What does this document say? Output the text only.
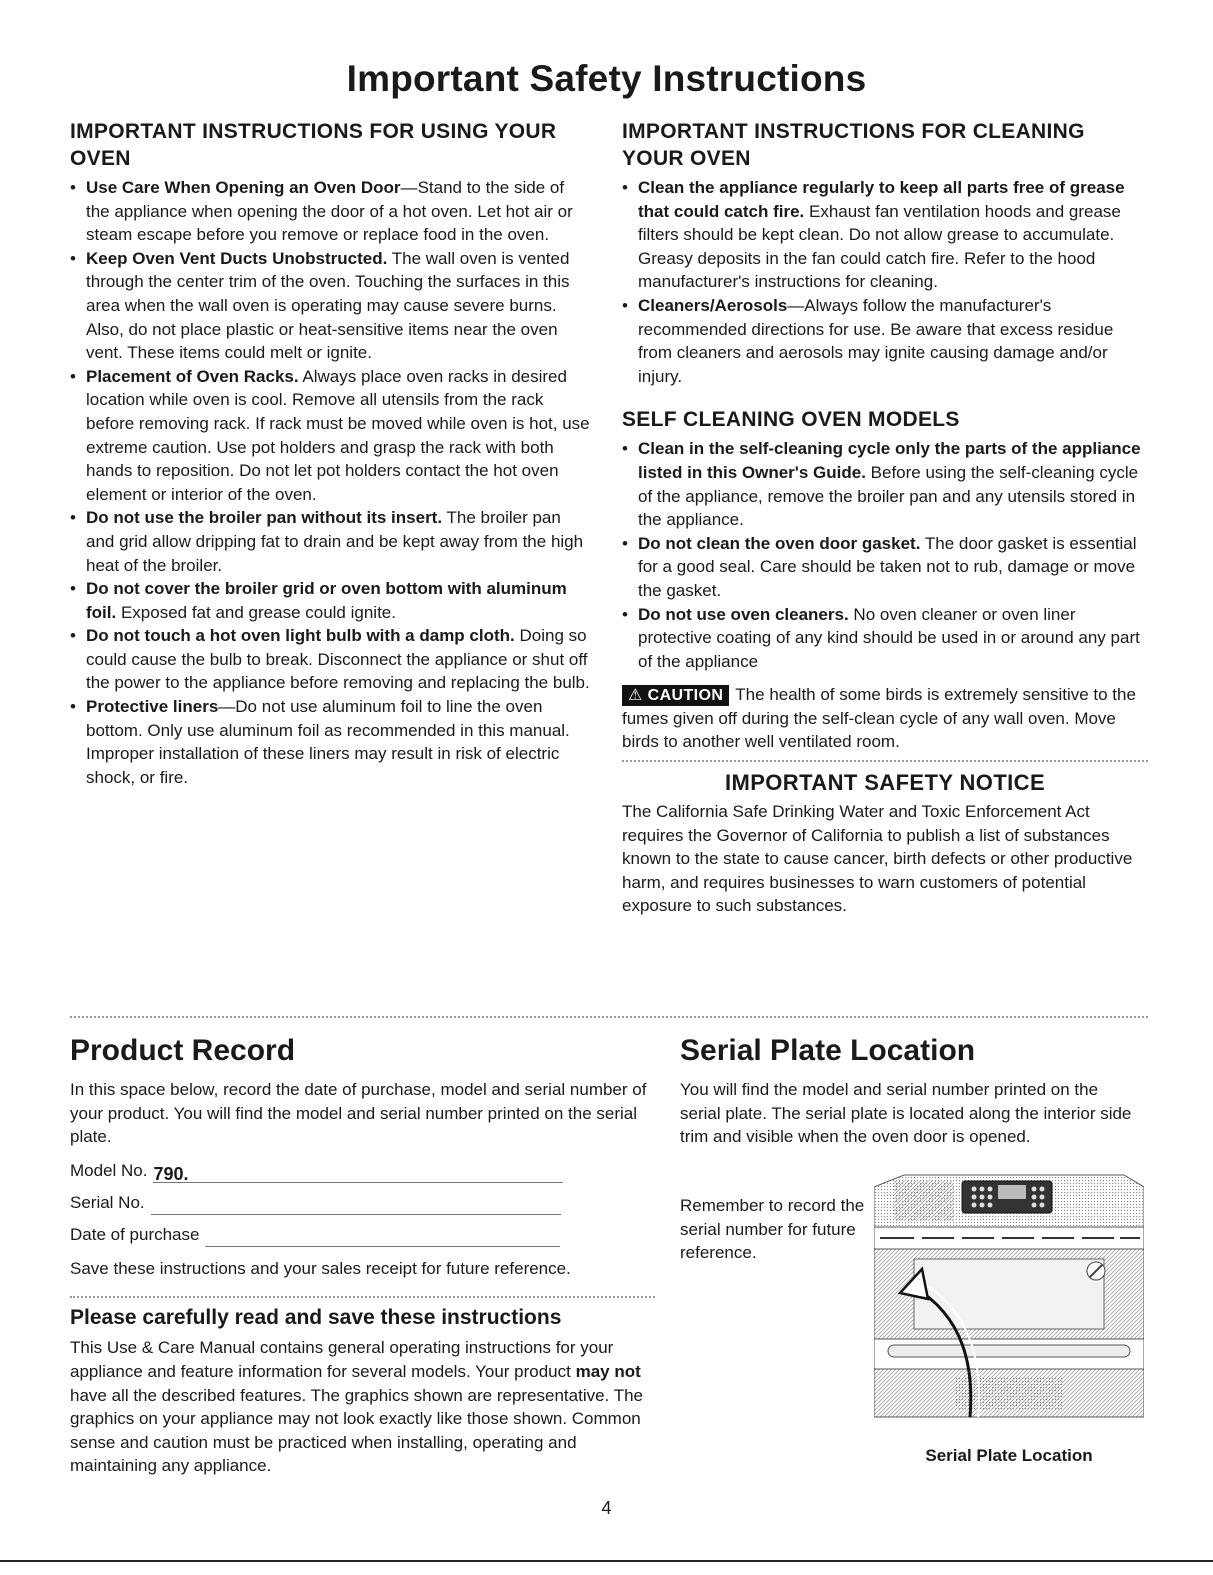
Important Safety Instructions
IMPORTANT INSTRUCTIONS FOR USING YOUR OVEN
• Use Care When Opening an Oven Door—Stand to the side of the appliance when opening the door of a hot oven. Let hot air or steam escape before you remove or replace food in the oven.
• Keep Oven Vent Ducts Unobstructed. The wall oven is vented through the center trim of the oven. Touching the surfaces in this area when the wall oven is operating may cause severe burns. Also, do not place plastic or heat-sensitive items near the oven vent. These items could melt or ignite.
• Placement of Oven Racks. Always place oven racks in desired location while oven is cool. Remove all utensils from the rack before removing rack. If rack must be moved while oven is hot, use extreme caution. Use pot holders and grasp the rack with both hands to reposition. Do not let pot holders contact the hot oven element or interior of the oven.
• Do not use the broiler pan without its insert. The broiler pan and grid allow dripping fat to drain and be kept away from the high heat of the broiler.
• Do not cover the broiler grid or oven bottom with aluminum foil. Exposed fat and grease could ignite.
• Do not touch a hot oven light bulb with a damp cloth. Doing so could cause the bulb to break. Disconnect the appliance or shut off the power to the appliance before removing and replacing the bulb.
• Protective liners—Do not use aluminum foil to line the oven bottom. Only use aluminum foil as recommended in this manual. Improper installation of these liners may result in risk of electric shock, or fire.
IMPORTANT INSTRUCTIONS FOR CLEANING YOUR OVEN
• Clean the appliance regularly to keep all parts free of grease that could catch fire. Exhaust fan ventilation hoods and grease filters should be kept clean. Do not allow grease to accumulate. Greasy deposits in the fan could catch fire. Refer to the hood manufacturer's instructions for cleaning.
• Cleaners/Aerosols—Always follow the manufacturer's recommended directions for use. Be aware that excess residue from cleaners and aerosols may ignite causing damage and/or injury.
SELF CLEANING OVEN MODELS
• Clean in the self-cleaning cycle only the parts of the appliance listed in this Owner's Guide. Before using the self-cleaning cycle of the appliance, remove the broiler pan and any utensils stored in the appliance.
• Do not clean the oven door gasket. The door gasket is essential for a good seal. Care should be taken not to rub, damage or move the gasket.
• Do not use oven cleaners. No oven cleaner or oven liner protective coating of any kind should be used in or around any part of the appliance
⚠ CAUTION The health of some birds is extremely sensitive to the fumes given off during the self-clean cycle of any wall oven. Move birds to another well ventilated room.
IMPORTANT SAFETY NOTICE

The California Safe Drinking Water and Toxic Enforcement Act requires the Governor of California to publish a list of substances known to the state to cause cancer, birth defects or other productive harm, and requires businesses to warn customers of potential exposure to such substances.

Product Record

In this space below, record the date of purchase, model and serial number of your product. You will find the model and serial number printed on the serial plate.

Model No. 790.
Serial No.
Date of purchase

Save these instructions and your sales receipt for future reference.

Please carefully read and save these instructions

This Use & Care Manual contains general operating instructions for your appliance and feature information for several models. Your product may not have all the described features. The graphics shown are representative. The graphics on your appliance may not look exactly like those shown. Common sense and caution must be practiced when installing, operating and maintaining any appliance.

Serial Plate Location

You will find the model and serial number printed on the serial plate. The serial plate is located along the interior side trim and visible when the oven door is opened.

Remember to record the serial number for future reference.
Serial Plate Location
4
